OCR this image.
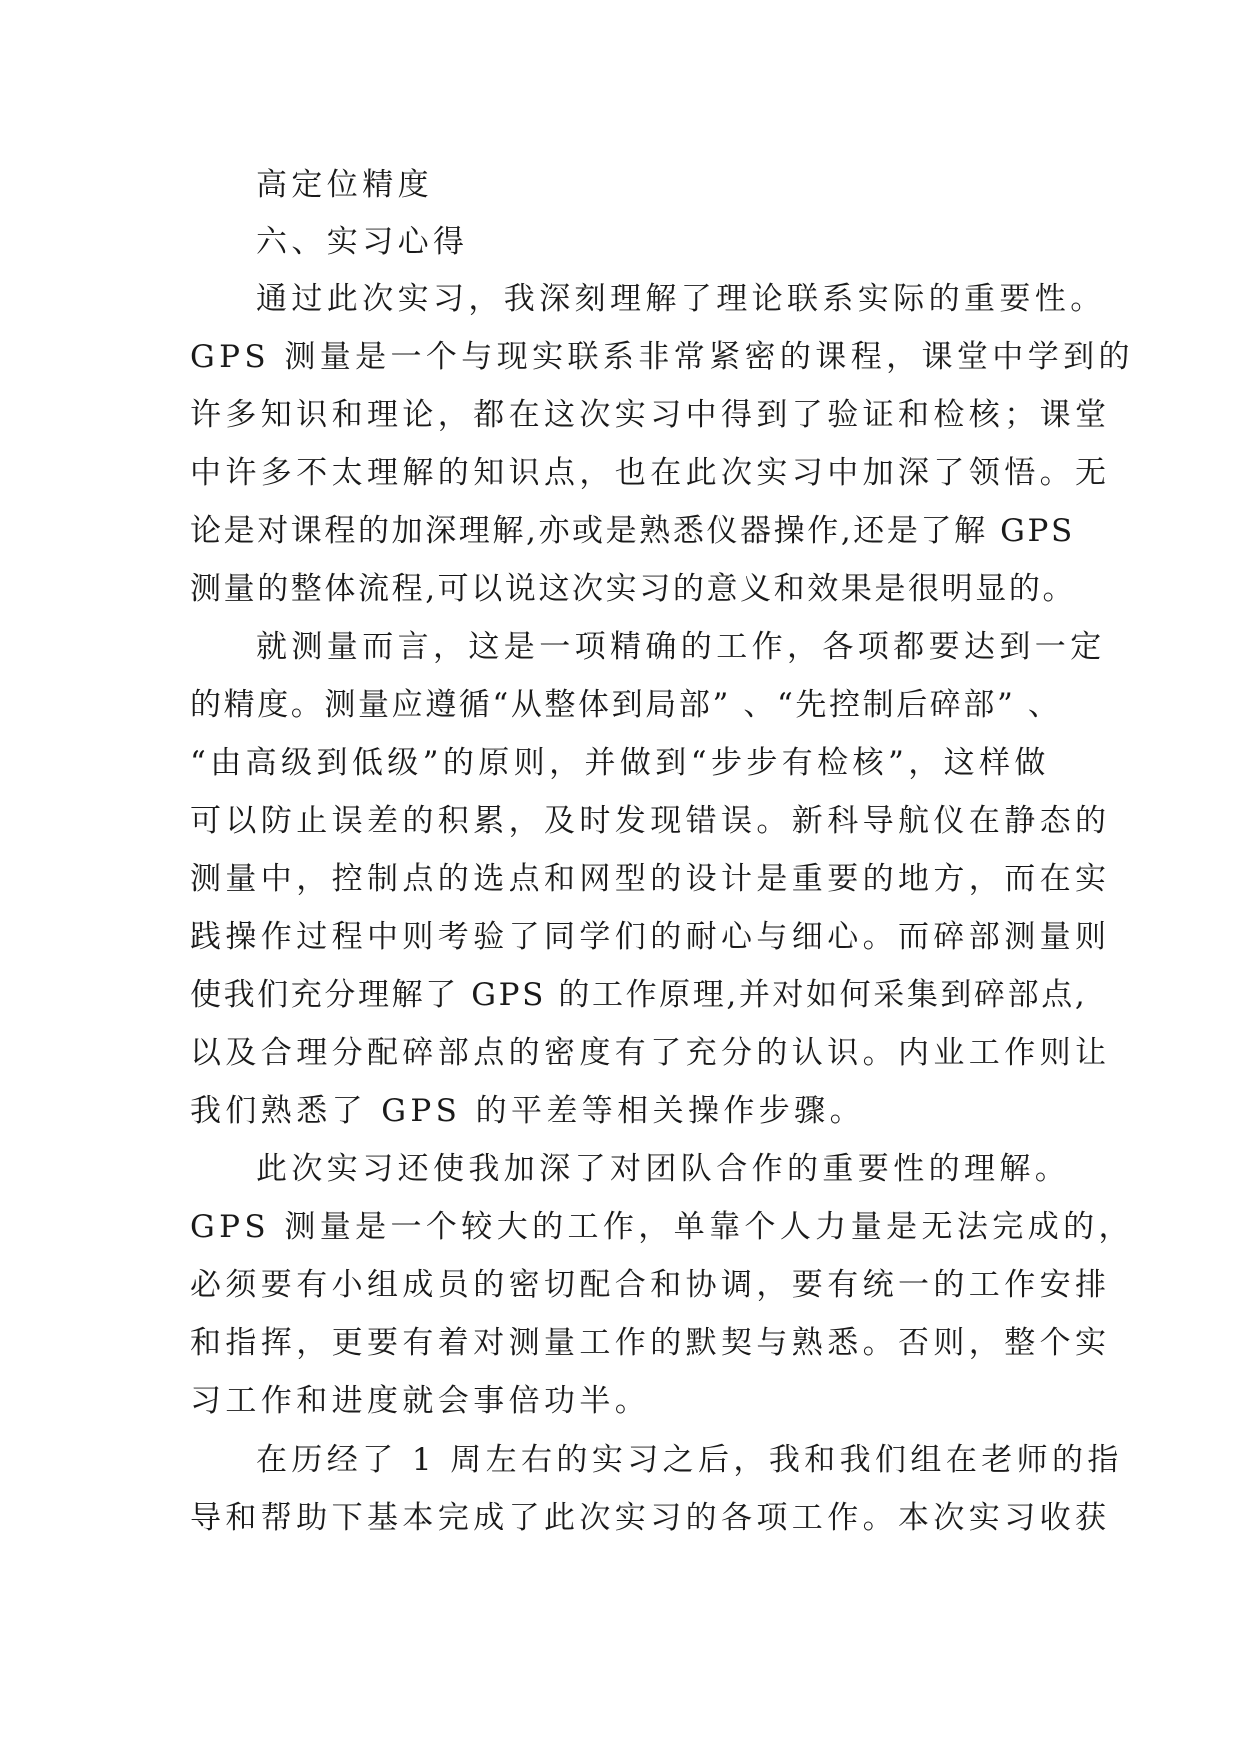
高定位精度
六、实习心得
通过此次实习，我深刻理解了理论联系实际的重要性。
GPS 测量是一个与现实联系非常紧密的课程，课堂中学到的
许多知识和理论，都在这次实习中得到了验证和检核；课堂
中许多不太理解的知识点，也在此次实习中加深了领悟。无
论是对课程的加深理解,亦或是熟悉仪器操作,还是了解 GPS
测量的整体流程,可以说这次实习的意义和效果是很明显的。
就测量而言，这是一项精确的工作，各项都要达到一定
的精度。测量应遵循“从整体到局部” 、“先控制后碎部” 、
“由高级到低级”的原则，并做到“步步有检核”，这样做
可以防止误差的积累，及时发现错误。新科导航仪在静态的
测量中，控制点的选点和网型的设计是重要的地方，而在实
践操作过程中则考验了同学们的耐心与细心。而碎部测量则
使我们充分理解了 GPS 的工作原理,并对如何采集到碎部点,
以及合理分配碎部点的密度有了充分的认识。内业工作则让
我们熟悉了 GPS 的平差等相关操作步骤。
此次实习还使我加深了对团队合作的重要性的理解。
GPS 测量是一个较大的工作，单靠个人力量是无法完成的，
必须要有小组成员的密切配合和协调，要有统一的工作安排
和指挥，更要有着对测量工作的默契与熟悉。否则，整个实
习工作和进度就会事倍功半。
在历经了 1 周左右的实习之后，我和我们组在老师的指
导和帮助下基本完成了此次实习的各项工作。本次实习收获
